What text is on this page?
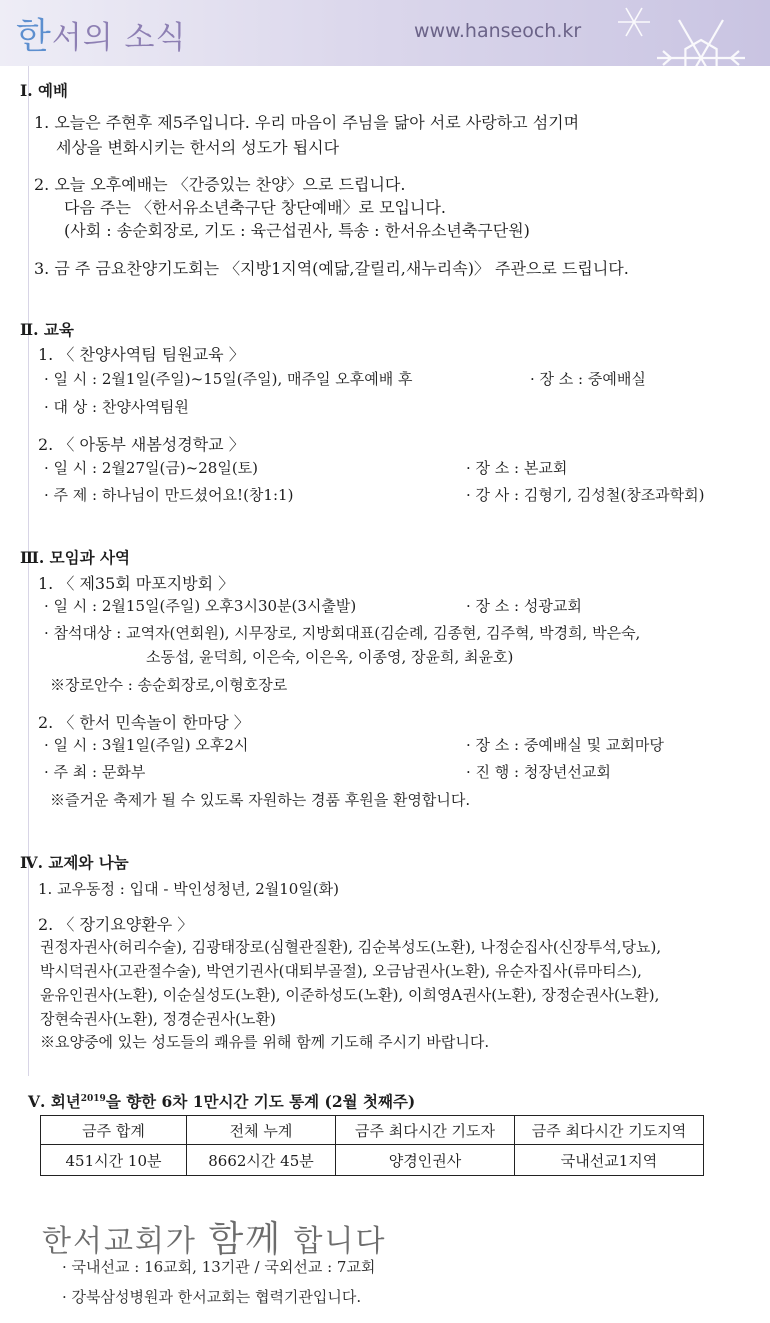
한서의 소식	www.hanseoch.kr
Ⅰ. 예배
1. 오늘은 주현후 제5주입니다. 우리 마음이 주님을 닮아 서로 사랑하고 섬기며
세상을 변화시키는 한서의 성도가 됩시다
2. 오늘 오후예배는 〈간증있는 찬양〉으로 드립니다.
다음 주는 〈한서유소년축구단 창단예배〉로 모입니다.
(사회 : 송순회장로, 기도 : 육근섭권사, 특송 : 한서유소년축구단원)
3. 금 주 금요찬양기도회는 〈지방1지역(예닮,갈릴리,새누리속)〉 주관으로 드립니다.
Ⅱ. 교육
1. 〈 찬양사역팀 팀원교육 〉
· 일 시 : 2월1일(주일)~15일(주일), 매주일 오후예배 후	· 장 소 : 중예배실
· 대 상 : 찬양사역팀원
2. 〈 아동부 새봄성경학교 〉
· 일 시 : 2월27일(금)~28일(토)	· 장 소 : 본교회
· 주 제 : 하나님이 만드셨어요!(창1:1)	· 강 사 : 김형기, 김성철(창조과학회)
Ⅲ. 모임과 사역
1. 〈 제35회 마포지방회 〉
· 일 시 : 2월15일(주일) 오후3시30분(3시출발)	· 장 소 : 성광교회
· 참석대상 : 교역자(연회원), 시무장로, 지방회대표(김순례, 김종현, 김주혁, 박경희, 박은숙,
소동섭, 윤덕희, 이은숙, 이은옥, 이종영, 장윤희, 최윤호)
※장로안수 : 송순회장로,이형호장로
2. 〈 한서 민속놀이 한마당 〉
· 일 시 : 3월1일(주일) 오후2시	· 장 소 : 중예배실 및 교회마당
· 주 최 : 문화부	· 진 행 : 청장년선교회
※즐거운 축제가 될 수 있도록 자원하는 경품 후원을 환영합니다.
Ⅳ. 교제와 나눔
1. 교우동정 : 입대 - 박인성청년, 2월10일(화)
2. 〈 장기요양환우 〉
권정자권사(허리수술), 김광태장로(심혈관질환), 김순복성도(노환), 나정순집사(신장투석,당뇨),
박시덕권사(고관절수술), 박연기권사(대퇴부골절), 오금남권사(노환), 유순자집사(류마티스),
윤유인권사(노환), 이순실성도(노환), 이준하성도(노환), 이희영A권사(노환), 장정순권사(노환),
장현숙권사(노환), 정경순권사(노환)
※요양중에 있는 성도들의 쾌유를 위해 함께 기도해 주시기 바랍니다.
Ⅴ. 회년$^{2019}$을 향한 6차 1만시간 기도 통계 (2월 첫째주)
금주 합계	전체 누계	금주 최다시간 기도자	금주 최다시간 기도지역
451시간 10분	8662시간 45분	양경인권사	국내선교1지역
한서교회가 함께 합니다
· 국내선교 : 16교회, 13기관 / 국외선교 : 7교회
· 강북삼성병원과 한서교회는 협력기관입니다.
